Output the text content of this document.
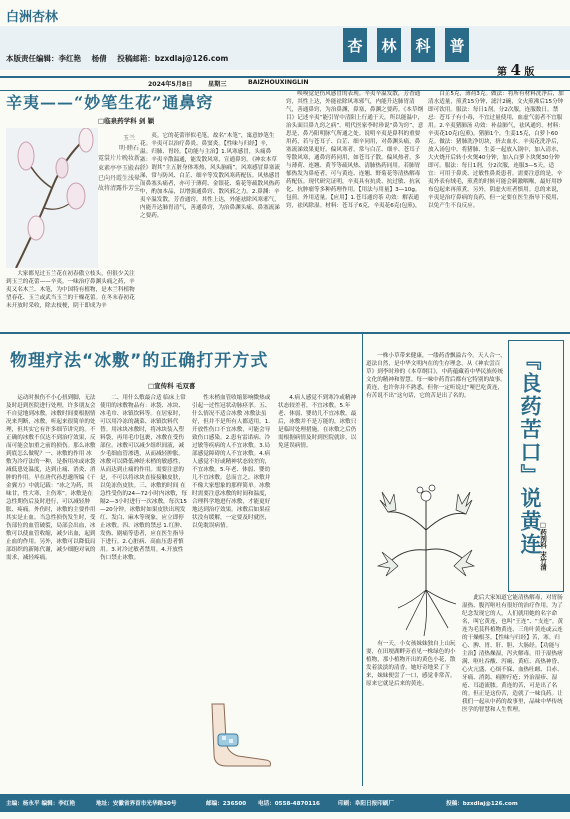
白洲杏林
本版责任编辑：李红艳 杨倩 投稿邮箱：bzxdlaj@126.com
杏	林	科	普
第 4 版
2024年5月8日	星期三	BAIZHOUXINGLIN
辛夷——“妙笔生花”通鼻窍
□临泉药学科 剑 颖
玉兰
明·睦石
霓裳片片晚妆新，
束素亭亭玉殿春。
已向丹霞生浅晕，
故将清露作芳尘。

大家都见过玉兰花在初春傲立枝头，但很少关注到玉兰的花蕾——辛夷。一味治疗鼻渊头痛之药，辛夷又名木兰、木笔，为中国特有植物，是木兰科植物望春花、玉兰或武当玉兰的干燥花蕾。在冬末春初花未开放时采收，除去枝梗，阴干即成为辛

夷。它的花蕾形似毛笔，故名“木笔”，寓意妙笔生花。辛夷可以治疗鼻炎、鼻窦炎。【性味与归经】辛，温。归肺、胃经。【功能与主治】1.风寒感冒，头痛鼻塞：辛夷辛散温通，能发散风寒，宣通鼻窍。《神农本草经》谓其“主五脏身体寒热，风头脑痛”。风寒感冒鼻塞流涕，常与防风、白芷、细辛等发散风寒药配伍。风热感冒而鼻塞头痛者，亦可于薄荷、金银花、菊花等疏散风热药中，酌加本品，以增强通鼻窍、散风邪之力。2.鼻渊：辛夷辛温发散，芳香通窍，其性上达，外能祛除风寒邪气，内能升达肺胃清气，善通鼻窍，为治鼻渊头痛、鼻塞流涕之要药。

唤嗅觉是伤风感冒的表现。辛夷辛温发散，芳香通窍，其性上达，外能祛除风寒邪气，内能升达肺胃清气，善通鼻窍，为治鼻渊，鼻塞，鼻渊之要药。《本草纲目》记述辛夷“能引胃中清阳上行通于天，所以能温中，治头面目鼻九窍之病”。明代医家李时珍说“鼻为窍”，意思是，鼻乃阳明脉气所通之处。说明辛夷是鼻科的重要用药，若与苍耳子、白芷、细辛同用，对鼻渊头痛，鼻塞流涕效果更好。偏风寒者，常与白芷、细辛、苍耳子等散风寒，通鼻窍药同用，如苍耳子散。偏风热者，多与薄荷、连翘、黄芩等疏风热、清肺热药同用。若肺胃郁热发为鼻疮者，可与黄连、连翘、野菊花等清热解毒药配伍。现代研究证明，辛夷具有抗炎、抗过敏、抗氧化、抗肿瘤等多种药理作用。【用法与用量】3—10g。包煎。外用适量。【应用】1.苍耳通窍茶 功效：解表通窍，祛风除湿。材料：苍耳子6克，辛夷花6克(包煎)，

白芷5克，薄荷3克。做法：将所有材料洗净后，加清水适量，煎煮15分钟，滤汁2碗，文火煎沸后15分钟即可饮用。服法：每日1剂，分2次服，连服数日。禁忌：苍耳子有小毒，不宜过量使用，血虚气弱者不宜服用。2.辛夷猪肺汤 功效：补益肺气，祛风通窍。材料：辛夷花10克(包煎)，猪肺1个，生姜15克，白萝卜60克。做法：猪肺洗净切块，挤去血水。辛夷花洗净后，放入汤包中。将猪肺、生姜一起放入锅中，加入清水，大火烧开后转小火煲40分钟，加入白萝卜块煲30分钟即可。服法：每日1剂，分2次服，连服3—5天。适宜：可用于鼻炎、过敏性鼻炎患者。需要注意的是，辛夷外表有绒毛，煎煮的时候可能会刺激咽喉，最好用纱布包起来再煎煮。另外，阴虚火旺者慎用。总的来说，辛夷是治疗鼻病的良药，但一定要在医生指导下使用，以免产生不良反应。

物理疗法“冰敷”的正确打开方式
□宣传科 毛双喜

运动时损伤不小心扭到脚，无法及时赶到医院进行处理，许多朋友会不自觉地到冰敷。冰敷时间要根据情况来判断，冰敷，听起来很简单的处理，但其实它有许多细节讲究的。不正确的冰敷不仅达不到治疗效果，反而可能会加重之前的损伤。那么冰敷到底怎么做呢？一、冰敷的作用 冰敷为冷疗法的一种，是指用冰或冰袋减低患处温度，达到止痛、消炎、消肿的作用。早在唐代孙思邈所编《千金翼方》中就记载：“冰之为药，其味甘，性大寒，主伤寒”。冰敷是在急性期伤后及时进行，可以减轻肿胀、疼痛。外伤时，冰敷的主要作用其实是止血。当急性损伤发生时，受伤部位的血管破裂，局部会出血，冰敷可以使血管收缩，减少出血，起到止血的作用。另外，冰敷可以降低局部组织的新陈代谢，减少细胞对氧的需求，减轻疼痛。

二、用什么敷最合适 临床上常使用的冰敷物品有：冰袋、冰块、冰毛巾、冰镇饮料等。在居家时，可以用冷冻的蔬菜、冰镇饮料代替。用冰块冰敷时，将冰块装入塑料袋，再用毛巾包裹，冰敷在受伤部位。冰敷可以减少组织间液，减少毛细血管渗透，从而减轻肿胀。冰敷可以降低神经末梢的敏感性，从而达到止痛的作用。需要注意的是，不可以将冰块直接接触皮肤，以免冻伤皮肤。三、冰敷的时间 在急性受伤的24—72小时内冰敷，每隔2—3小时进行一次冰敷，每次15—20分钟。冰敷时如果皮肤出现发红、发白、麻木等现象，应立即停止冰敷。四、冰敷的禁忌 1.红肿、发热、剧痛等患者，应在医生指导下进行。2.心脏病、高血压患者慎用。3.对冷过敏者禁用。4.开放性伤口禁止冰敷。

性末梢血管收缩影响微热或引起一过性冠状动脉痉挛。五、什么情况不适合冰敷 冰敷法虽好，但并不是所有人都适用。1.开放性伤口不宜冰敷，可能会导致伤口感染。2.患有雷诺病、冷过敏等疾病的人不宜冰敷。3.局部感觉障碍的人不宜冰敷。4.病人感觉不好或精神状态较差的，不宜冰敷。5.年老、体弱、婴幼儿不宜冰敷。总而言之，冰敷并不像大家想象的那样简单。冰敷时需要注意冰敷的时间和温度，合理科学地进行冰敷，才能更好地达到治疗效果。冰敷后如果症状没有缓解，一定要及时就医，以免耽误病情。

4.病人感觉不到寒冷或精神状态较差者，不宜冰敷。5.年老、体弱、婴幼儿不宜冰敷。最后，冰敷并不是万能的，冰敷只是临时处理措施。在冰敷之后仍需根据病情及时到医院就诊，以免延误病情。

一株小草带来健康，一缕药香飘溢古今。天人合一、道法自然，是中华文明内在的生存理念，从《神农尝百草》到李时珍的《本草纲目》，中药蕴藏着中华民族传统文化的精神和智慧。每一味中药背后都有它特别的故事。黄连，也许你并不熟悉，但你一定听说过“哑巴吃黄连，有苦说不出”这句话，它的苦是出了名的。	『良药苦口』说黄连
□药剂科 宋竹清

有一天，小女孩妹妹独自上山玩耍，在田埂湖畔旁看见一株绿色的小植物，那小植物开出的黄色小花，散发着淡淡的清香。她好奇地采了下来，妹妹便尝了一口，感觉非常苦。原来它就是后来的黄连。

此后大家知道它能清热解毒，对胃肠湿热、腹泻呕吐有很好的治疗作用。为了纪念发现它的人，人们就用她的名字命名，叫它黄连，也叫“王连”、“支连”。黄连为毛茛科植物黄连、三角叶黄连或云连的干燥根茎。【性味与归经】苦，寒。归心、脾、胃、肝、胆、大肠经。【功能与主治】清热燥湿，泻火解毒。用于湿热痞满、呕吐吞酸、泻痢、黄疸、高热神昏、心火亢盛、心烦不寐、血热吐衄、目赤、牙痛、消渴、痈肿疔疮；外治湿疹、湿疮、耳道流脓。黄连的苦，可是出了名的。但正是这份苦，造就了一味良药。让我们一起从中药的故事里，品味中华传统医学的智慧和人生哲理。

主编：杨永平 编辑：李红艳	地址：安徽省界首市光华路30号	邮编：236500 电话：0558-4870116	印刷：阜阳日报印刷厂	投稿：bzxdlaj@126.com
